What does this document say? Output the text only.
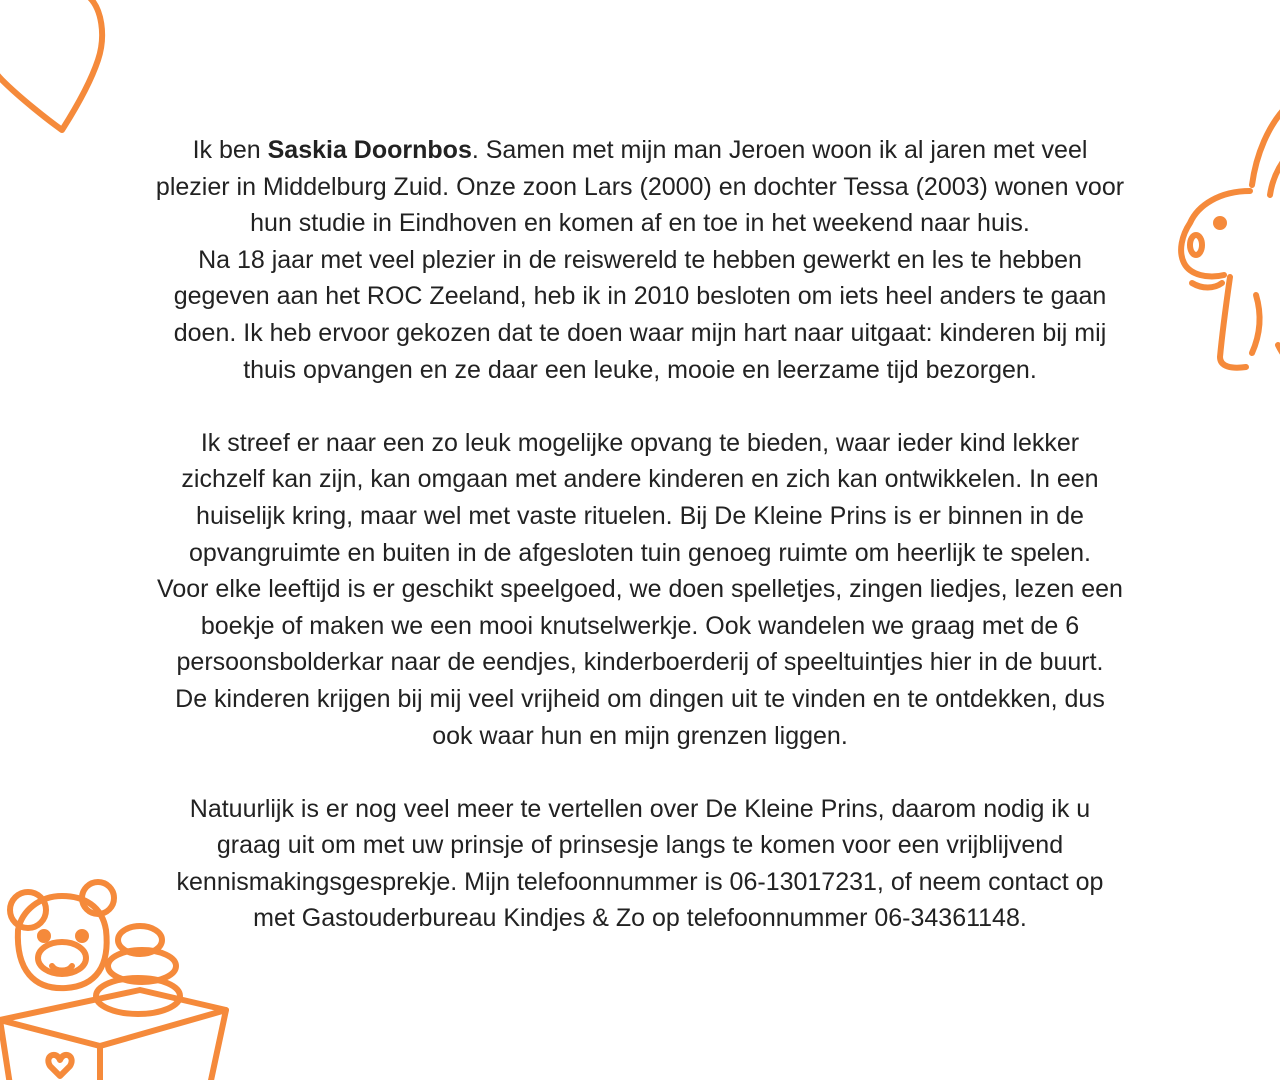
Ik ben Saskia Doornbos. Samen met mijn man Jeroen woon ik al jaren met veel

plezier in Middelburg Zuid. Onze zoon Lars (2000) en dochter Tessa (2003) wonen voor

hun studie in Eindhoven en komen af en toe in het weekend naar huis.

Na 18 jaar met veel plezier in de reiswereld te hebben gewerkt en les te hebben

gegeven aan het ROC Zeeland, heb ik in 2010 besloten om iets heel anders te gaan

doen. Ik heb ervoor gekozen dat te doen waar mijn hart naar uitgaat: kinderen bij mij

thuis opvangen en ze daar een leuke, mooie en leerzame tijd bezorgen.

Ik streef er naar een zo leuk mogelijke opvang te bieden, waar ieder kind lekker

zichzelf kan zijn, kan omgaan met andere kinderen en zich kan ontwikkelen. In een

huiselijk kring, maar wel met vaste rituelen. Bij De Kleine Prins is er binnen in de

opvangruimte en buiten in de afgesloten tuin genoeg ruimte om heerlijk te spelen.

Voor elke leeftijd is er geschikt speelgoed, we doen spelletjes, zingen liedjes, lezen een

boekje of maken we een mooi knutselwerkje. Ook wandelen we graag met de 6

persoonsbolderkar naar de eendjes, kinderboerderij of speeltuintjes hier in de buurt.

De kinderen krijgen bij mij veel vrijheid om dingen uit te vinden en te ontdekken, dus

ook waar hun en mijn grenzen liggen.

Natuurlijk is er nog veel meer te vertellen over De Kleine Prins, daarom nodig ik u

graag uit om met uw prinsje of prinsesje langs te komen voor een vrijblijvend

kennismakingsgesprekje. Mijn telefoonnummer is 06-13017231, of neem contact op

met Gastouderbureau Kindjes & Zo op telefoonnummer 06-34361148.
